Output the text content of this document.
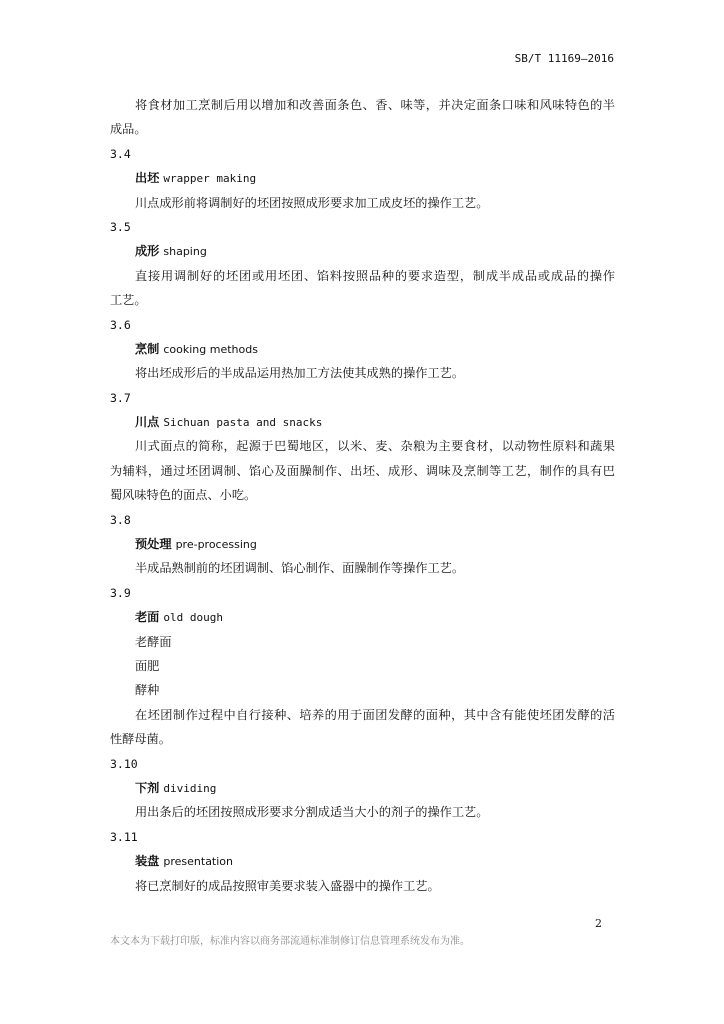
SB/T 11169—2016
将食材加工烹制后用以增加和改善面条色、香、味等，并决定面条口味和风味特色的半
成品。
3.4
出坯 wrapper making
川点成形前将调制好的坯团按照成形要求加工成皮坯的操作工艺。
3.5
成形 shaping
直接用调制好的坯团或用坯团、馅料按照品种的要求造型，制成半成品或成品的操作
工艺。
3.6
烹制 cooking methods
将出坯成形后的半成品运用热加工方法使其成熟的操作工艺。
3.7
川点 Sichuan pasta and snacks
川式面点的简称，起源于巴蜀地区，以米、麦、杂粮为主要食材，以动物性原料和蔬果
为辅料，通过坯团调制、馅心及面臊制作、出坯、成形、调味及烹制等工艺，制作的具有巴
蜀风味特色的面点、小吃。
3.8
预处理 pre-processing
半成品熟制前的坯团调制、馅心制作、面臊制作等操作工艺。
3.9
老面 old dough
老酵面
面肥
酵种
在坯团制作过程中自行接种、培养的用于面团发酵的面种，其中含有能使坯团发酵的活
性酵母菌。
3.10
下剂 dividing
用出条后的坯团按照成形要求分割成适当大小的剂子的操作工艺。
3.11
装盘 presentation
将已烹制好的成品按照审美要求装入盛器中的操作工艺。
2
本文本为下载打印版，标准内容以商务部流通标准制修订信息管理系统发布为准。
